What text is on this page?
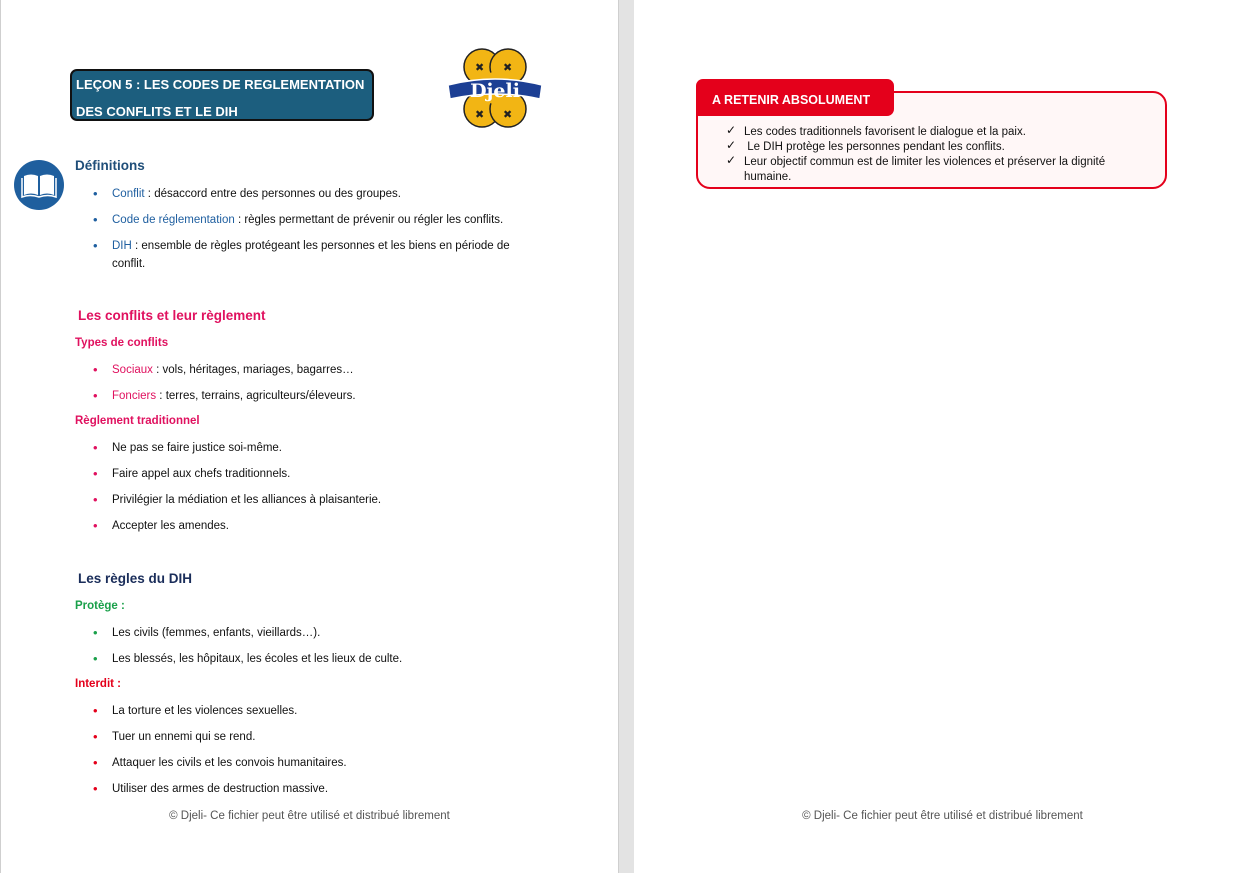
LEÇON 5 : LES CODES DE REGLEMENTATION
DES CONFLITS ET LE DIH
✖ ✖
✖ ✖
Djeli
Définitions
• Conflit : désaccord entre des personnes ou des groupes.
• Code de réglementation : règles permettant de prévenir ou régler les conflits.
• DIH : ensemble de règles protégeant les personnes et les biens en période de conflit.
Les conflits et leur règlement
Types de conflits
• Sociaux : vols, héritages, mariages, bagarres…
• Fonciers : terres, terrains, agriculteurs/éleveurs.
Règlement traditionnel
• Ne pas se faire justice soi-même.
• Faire appel aux chefs traditionnels.
• Privilégier la médiation et les alliances à plaisanterie.
• Accepter les amendes.
Les règles du DIH
Protège :
• Les civils (femmes, enfants, vieillards…).
• Les blessés, les hôpitaux, les écoles et les lieux de culte.
Interdit :
• La torture et les violences sexuelles.
• Tuer un ennemi qui se rend.
• Attaquer les civils et les convois humanitaires.
• Utiliser des armes de destruction massive.
© Djeli- Ce fichier peut être utilisé et distribué librement
A RETENIR ABSOLUMENT
✓ Les codes traditionnels favorisent le dialogue et la paix.
✓ Le DIH protège les personnes pendant les conflits.
✓ Leur objectif commun est de limiter les violences et préserver la dignité humaine.
© Djeli- Ce fichier peut être utilisé et distribué librement
